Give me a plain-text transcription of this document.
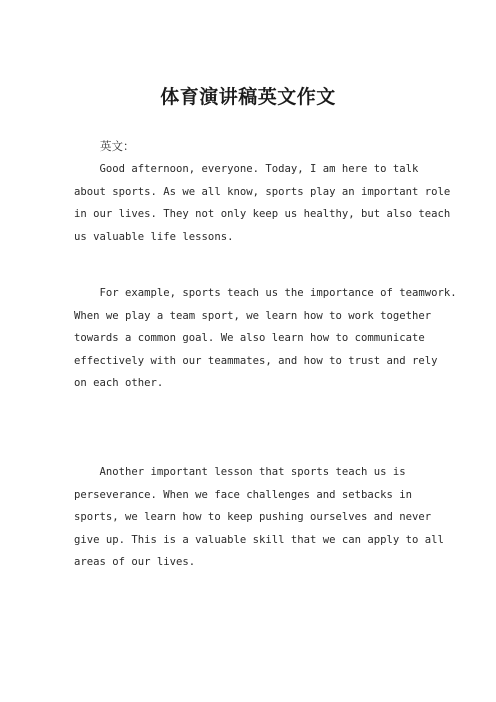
体育演讲稿英文作文
英文：
Good afternoon, everyone. Today, I am here to talk
about sports. As we all know, sports play an important role
in our lives. They not only keep us healthy, but also teach
us valuable life lessons.
For example, sports teach us the importance of teamwork.
When we play a team sport, we learn how to work together
towards a common goal. We also learn how to communicate
effectively with our teammates, and how to trust and rely
on each other.
Another important lesson that sports teach us is
perseverance. When we face challenges and setbacks in
sports, we learn how to keep pushing ourselves and never
give up. This is a valuable skill that we can apply to all
areas of our lives.
